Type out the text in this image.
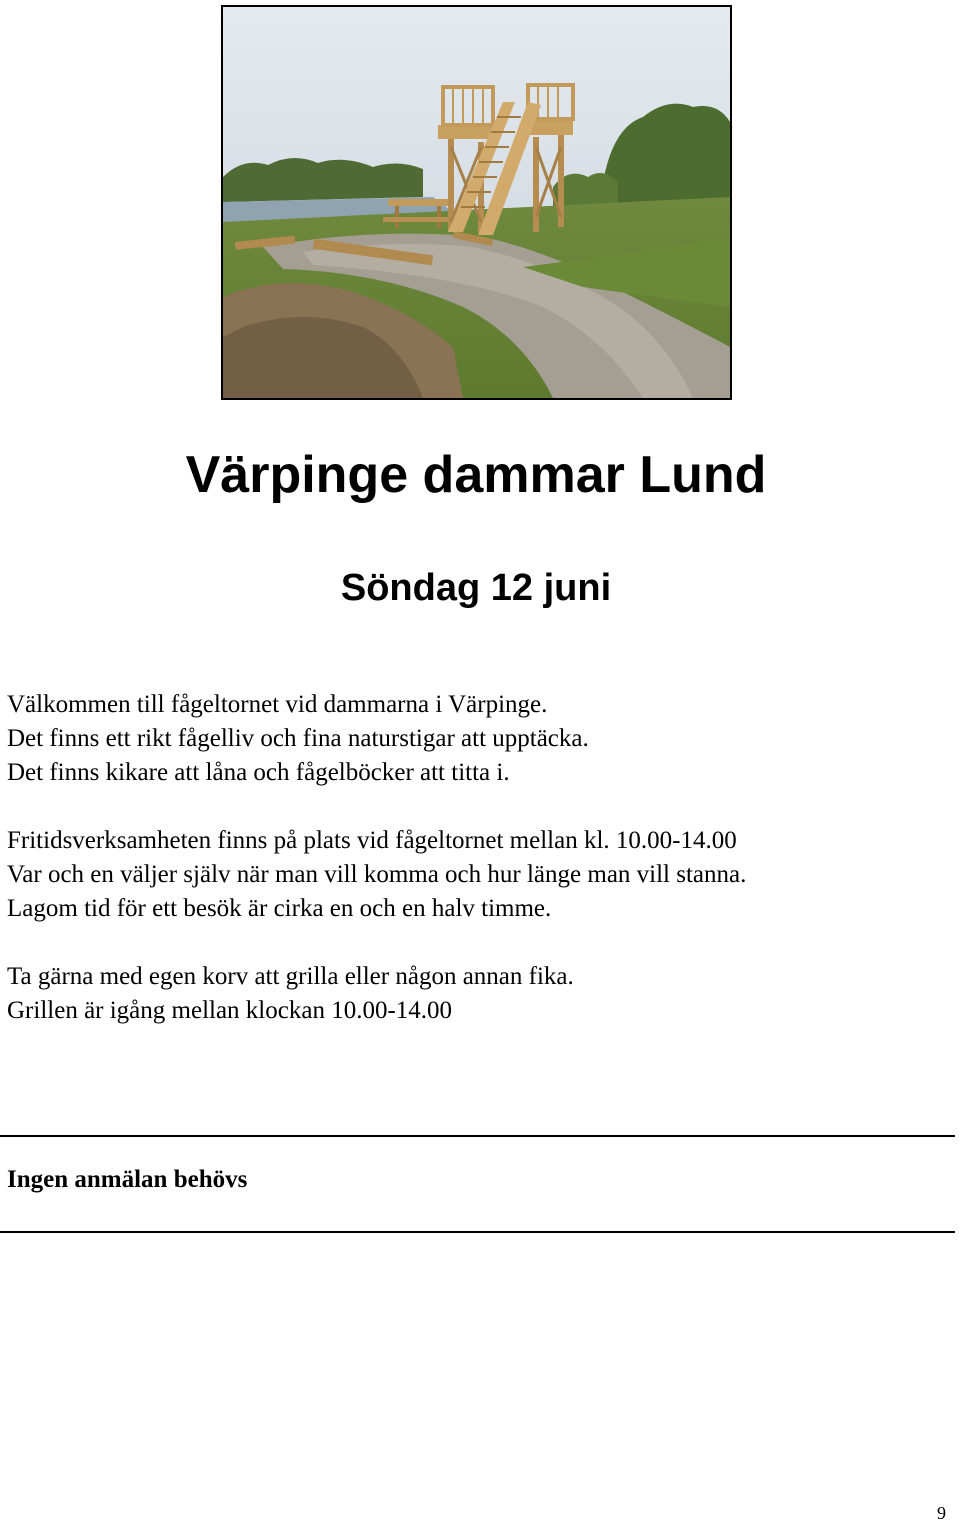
Värpinge dammar Lund
Söndag 12 juni

Välkommen till fågeltornet vid dammarna i Värpinge.
Det finns ett rikt fågelliv och fina naturstigar att upptäcka.
Det finns kikare att låna och fågelböcker att titta i.

Fritidsverksamheten finns på plats vid fågeltornet mellan kl. 10.00-14.00
Var och en väljer själv när man vill komma och hur länge man vill stanna.
Lagom tid för ett besök är cirka en och en halv timme.

Ta gärna med egen korv att grilla eller någon annan fika.
Grillen är igång mellan klockan 10.00-14.00

Ingen anmälan behövs

9
